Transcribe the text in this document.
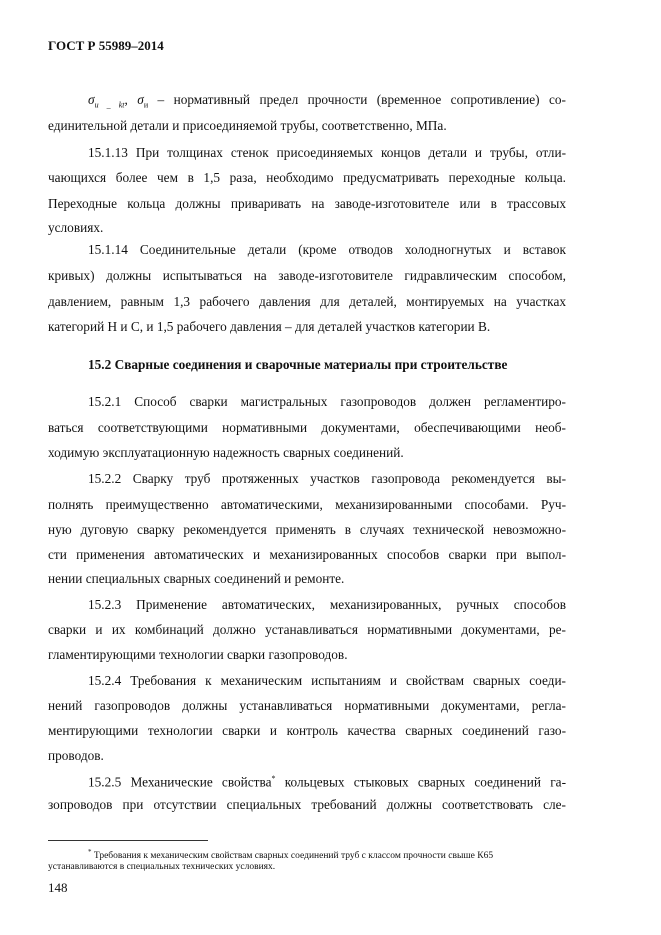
ГОСТ Р 55989–2014
$\sigma_{и \_ kt}$, $\sigma_и$ – нормативный предел прочности (временное сопротивление) со-
единительной детали и присоединяемой трубы, соответственно, МПа.
15.1.13 При толщинах стенок присоединяемых концов детали и трубы, отли-
чающихся более чем в 1,5 раза, необходимо предусматривать переходные кольца.
Переходные кольца должны приваривать на заводе-изготовителе или в трассовых
условиях.
15.1.14 Соединительные детали (кроме отводов холодногнутых и вставок
кривых) должны испытываться на заводе-изготовителе гидравлическим способом,
давлением, равным 1,3 рабочего давления для деталей, монтируемых на участках
категорий Н и С, и 1,5 рабочего давления – для деталей участков категории В.
15.2 Сварные соединения и сварочные материалы при строительстве
15.2.1 Способ сварки магистральных газопроводов должен регламентиро-
ваться соответствующими нормативными документами, обеспечивающими необ-
ходимую эксплуатационную надежность сварных соединений.
15.2.2 Сварку труб протяженных участков газопровода рекомендуется вы-
полнять преимущественно автоматическими, механизированными способами. Руч-
ную дуговую сварку рекомендуется применять в случаях технической невозможно-
сти применения автоматических и механизированных способов сварки при выпол-
нении специальных сварных соединений и ремонте.
15.2.3 Применение автоматических, механизированных, ручных способов
сварки и их комбинаций должно устанавливаться нормативными документами, ре-
гламентирующими технологии сварки газопроводов.
15.2.4 Требования к механическим испытаниям и свойствам сварных соеди-
нений газопроводов должны устанавливаться нормативными документами, регла-
ментирующими технологии сварки и контроль качества сварных соединений газо-
проводов.
15.2.5 Механические свойства* кольцевых стыковых сварных соединений га-
зопроводов при отсутствии специальных требований должны соответствовать сле-
* Требования к механическим свойствам сварных соединений труб с классом прочности свыше К65
устанавливаются в специальных технических условиях.
148
